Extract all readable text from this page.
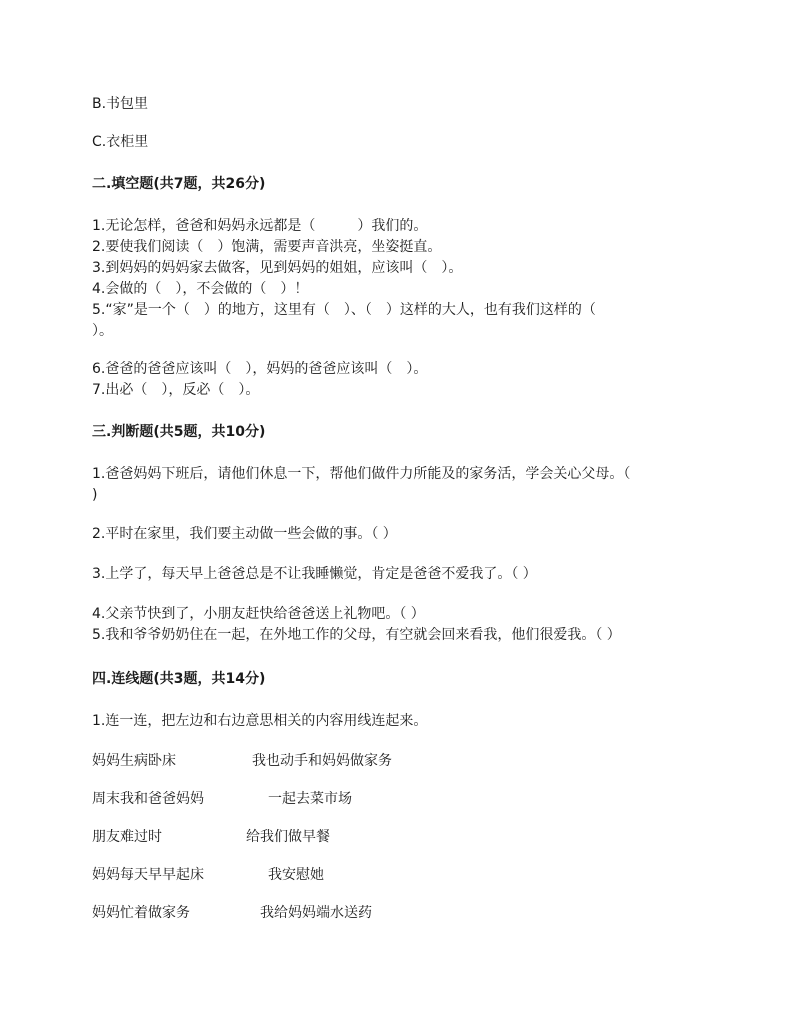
B.书包里
C.衣柜里
二.填空题(共7题，共26分)
1.无论怎样，爸爸和妈妈永远都是（　　　）我们的。
2.要使我们阅读（　）饱满，需要声音洪亮，坐姿挺直。
3.到妈妈的妈妈家去做客，见到妈妈的姐姐，应该叫（　）。
4.会做的（　），不会做的（　）！
5.“家”是一个（　）的地方，这里有（　）、（　）这样的大人，也有我们这样的（
）。
6.爸爸的爸爸应该叫（　），妈妈的爸爸应该叫（　）。
7.出必（　），反必（　）。
三.判断题(共5题，共10分)
1.爸爸妈妈下班后，请他们休息一下，帮他们做件力所能及的家务活，学会关心父母。（
)
2.平时在家里，我们要主动做一些会做的事。（ ）
3.上学了，每天早上爸爸总是不让我睡懒觉，肯定是爸爸不爱我了。（ ）
4.父亲节快到了，小朋友赶快给爸爸送上礼物吧。（ ）
5.我和爷爷奶奶住在一起，在外地工作的父母，有空就会回来看我，他们很爱我。（ ）
四.连线题(共3题，共14分)
1.连一连，把左边和右边意思相关的内容用线连起来。
妈妈生病卧床	我也动手和妈妈做家务
周末我和爸爸妈妈	一起去菜市场
朋友难过时	给我们做早餐
妈妈每天早早起床	我安慰她
妈妈忙着做家务	我给妈妈端水送药
